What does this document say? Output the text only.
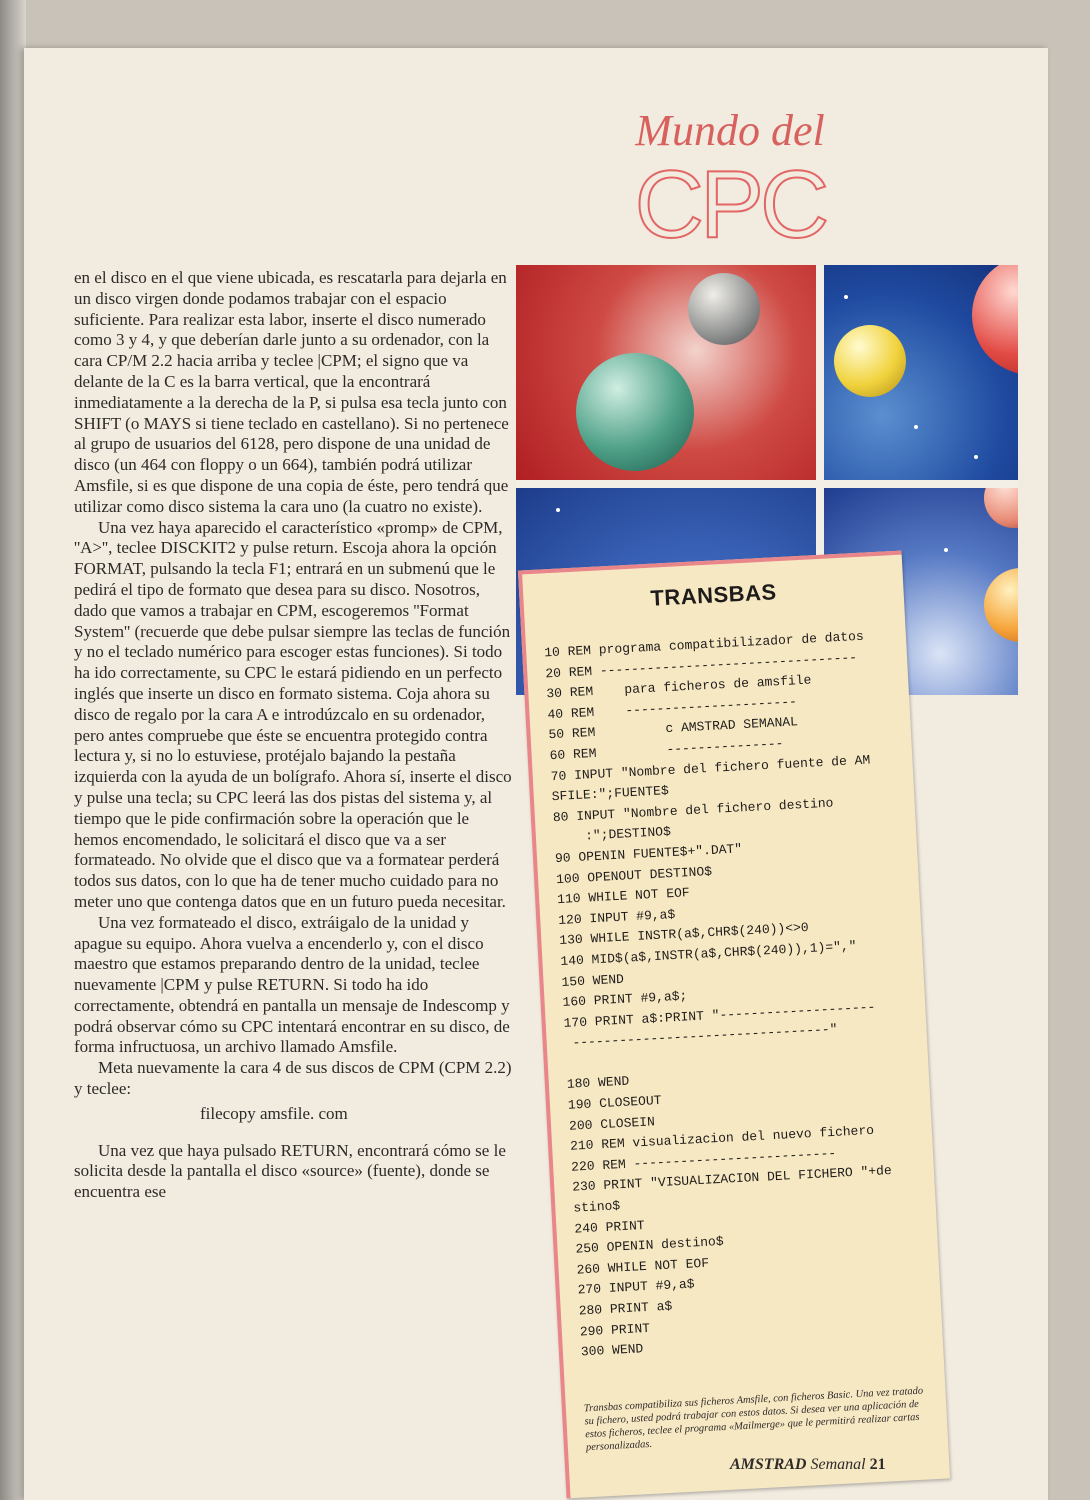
Mundo del
CPC

en el disco en el que viene ubicada, es rescatarla para dejarla en un disco virgen donde podamos trabajar con el espacio suficiente. Para realizar esta labor, inserte el disco numerado como 3 y 4, y que deberían darle junto a su ordenador, con la cara CP/M 2.2 hacia arriba y teclee |CPM; el signo que va delante de la C es la barra vertical, que la encontrará inmediatamente a la derecha de la P, si pulsa esa tecla junto con SHIFT (o MAYS si tiene teclado en castellano). Si no pertenece al grupo de usuarios del 6128, pero dispone de una unidad de disco (un 464 con floppy o un 664), también podrá utilizar Amsfile, si es que dispone de una copia de éste, pero tendrá que utilizar como disco sistema la cara uno (la cuatro no existe).

Una vez haya aparecido el característico «promp» de CPM, ''A>'', teclee DISCKIT2 y pulse return. Escoja ahora la opción FORMAT, pulsando la tecla F1; entrará en un submenú que le pedirá el tipo de formato que desea para su disco. Nosotros, dado que vamos a trabajar en CPM, escogeremos ''Format System'' (recuerde que debe pulsar siempre las teclas de función y no el teclado numérico para escoger estas funciones). Si todo ha ido correctamente, su CPC le estará pidiendo en un perfecto inglés que inserte un disco en formato sistema. Coja ahora su disco de regalo por la cara A e introdúzcalo en su ordenador, pero antes compruebe que éste se encuentra protegido contra lectura y, si no lo estuviese, protéjalo bajando la pestaña izquierda con la ayuda de un bolígrafo. Ahora sí, inserte el disco y pulse una tecla; su CPC leerá las dos pistas del sistema y, al tiempo que le pide confirmación sobre la operación que le hemos encomendado, le solicitará el disco que va a ser formateado. No olvide que el disco que va a formatear perderá todos sus datos, con lo que ha de tener mucho cuidado para no meter uno que contenga datos que en un futuro pueda necesitar.

Una vez formateado el disco, extráigalo de la unidad y apague su equipo. Ahora vuelva a encenderlo y, con el disco maestro que estamos preparando dentro de la unidad, teclee nuevamente |CPM y pulse RETURN. Si todo ha ido correctamente, obtendrá en pantalla un mensaje de Indescomp y podrá observar cómo su CPC intentará encontrar en su disco, de forma infructuosa, un archivo llamado Amsfile.

Meta nuevamente la cara 4 de sus discos de CPM (CPM 2.2) y teclee:

filecopy amsfile. com

Una vez que haya pulsado RETURN, encontrará cómo se le solicita desde la pantalla el disco «source» (fuente), donde se encuentra ese

TRANSBAS
10 REM programa compatibilizador de datos
20 REM ---------------------------------
30 REM    para ficheros de amsfile
40 REM    ----------------------
50 REM         c AMSTRAD SEMANAL
60 REM         ---------------
70 INPUT "Nombre del fichero fuente de AM
SFILE:";FUENTE$
80 INPUT "Nombre del fichero destino
:";DESTINO$
90 OPENIN FUENTE$+".DAT"
100 OPENOUT DESTINO$
110 WHILE NOT EOF
120 INPUT #9,a$
130 WHILE INSTR(a$,CHR$(240))<>0
140 MID$(a$,INSTR(a$,CHR$(240)),1)=","
150 WEND
160 PRINT #9,a$;
170 PRINT a$:PRINT "--------------------
---------------------------------"

180 WEND
190 CLOSEOUT
200 CLOSEIN
210 REM visualizacion del nuevo fichero
220 REM --------------------------
230 PRINT "VISUALIZACION DEL FICHERO "+de
stino$
240 PRINT
250 OPENIN destino$
260 WHILE NOT EOF
270 INPUT #9,a$
280 PRINT a$
290 PRINT
300 WEND
Transbas compatibiliza sus ficheros Amsfile, con ficheros Basic. Una vez tratado su fichero, usted podrá trabajar con estos datos. Si desea ver una aplicación de estos ficheros, teclee el programa «Mailmerge» que le permitirá realizar cartas personalizadas.
AMSTRAD Semanal 21
